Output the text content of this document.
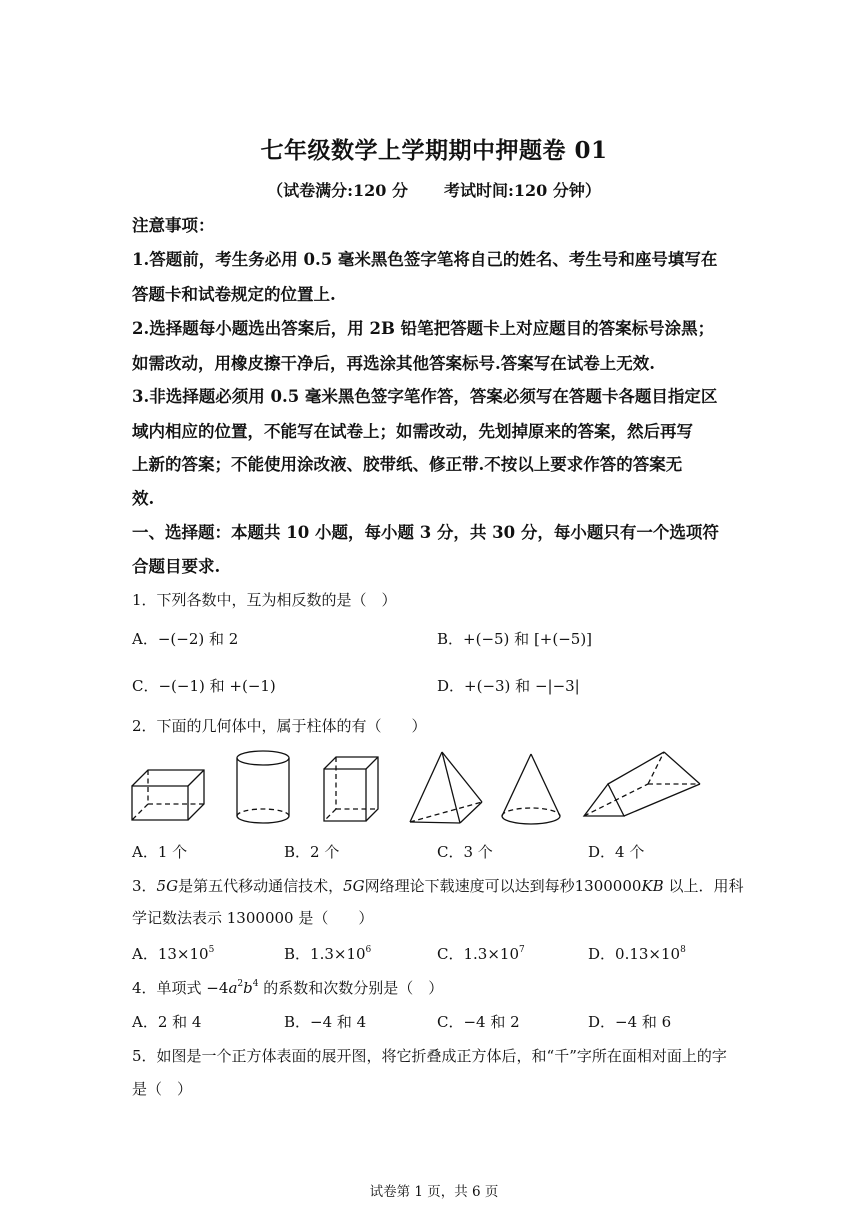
七年级数学上学期期中押题卷 01
（试卷满分:120 分 考试时间:120 分钟）
注意事项：
1.答题前，考生务必用 0.5 毫米黑色签字笔将自己的姓名、考生号和座号填写在
答题卡和试卷规定的位置上.
2.选择题每小题选出答案后，用 2B 铅笔把答题卡上对应题目的答案标号涂黑；
如需改动，用橡皮擦干净后，再选涂其他答案标号.答案写在试卷上无效.
3.非选择题必须用 0.5 毫米黑色签字笔作答，答案必须写在答题卡各题目指定区
域内相应的位置，不能写在试卷上；如需改动，先划掉原来的答案，然后再写
上新的答案；不能使用涂改液、胶带纸、修正带.不按以上要求作答的答案无
效.
一、选择题：本题共 10 小题，每小题 3 分，共 30 分，每小题只有一个选项符
合题目要求.
1．下列各数中，互为相反数的是（　）
A．−(−2) 和 2	B．+(−5) 和 [+(−5)]
C．−(−1) 和 +(−1)	D．+(−3) 和 −|−3|
2．下面的几何体中，属于柱体的有（　　）
A．1 个	B．2 个	C．3 个	D．4 个
3．5G是第五代移动通信技术，5G网络理论下载速度可以达到每秒1300000KB 以上．用科
学记数法表示 1300000 是（　　）
A．$13\times 10^5$	B．$1.3\times 10^6$	C．$1.3\times 10^7$	D．$0.13\times 10^8$
4．单项式 $-4a^2b^4$ 的系数和次数分别是（　）
A．2 和 4	B．−4 和 4	C．−4 和 2	D．−4 和 6
5．如图是一个正方体表面的展开图，将它折叠成正方体后，和“千”字所在面相对面上的字
是（　）
试卷第 1 页，共 6 页
